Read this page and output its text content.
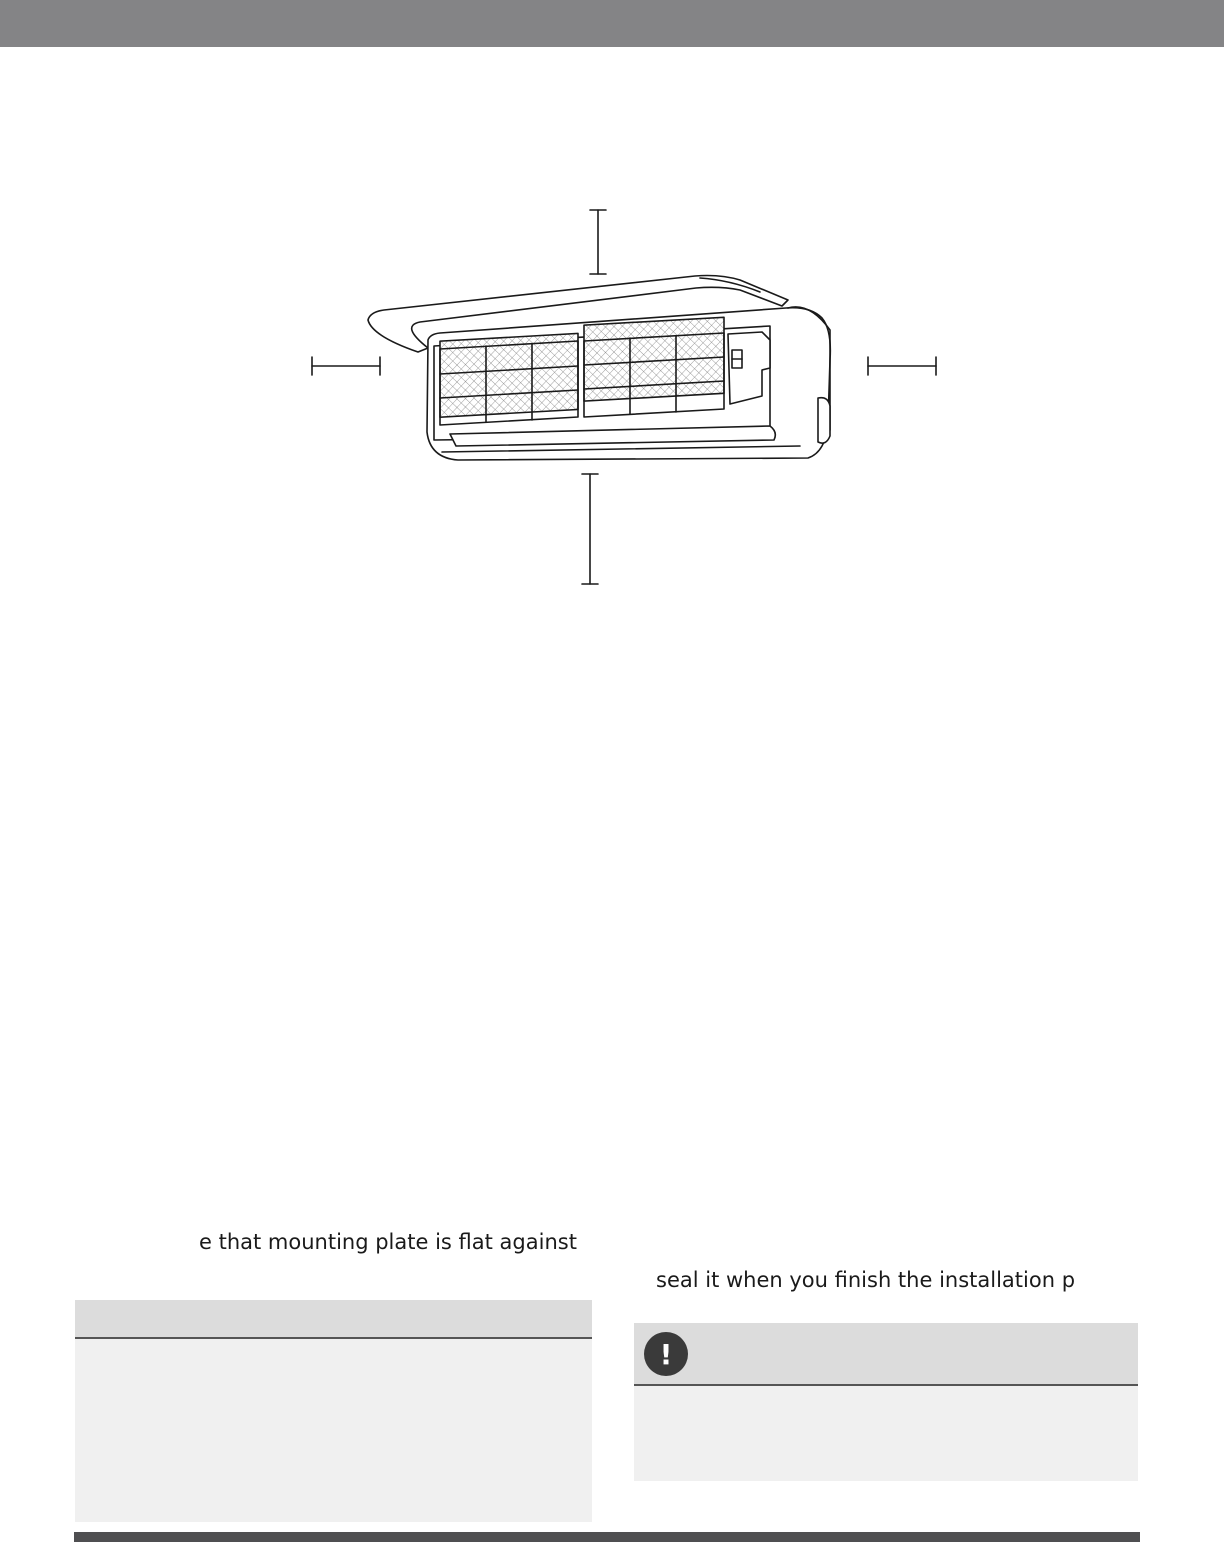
e that mounting plate is flat against
seal it when you finish the installation p
!
